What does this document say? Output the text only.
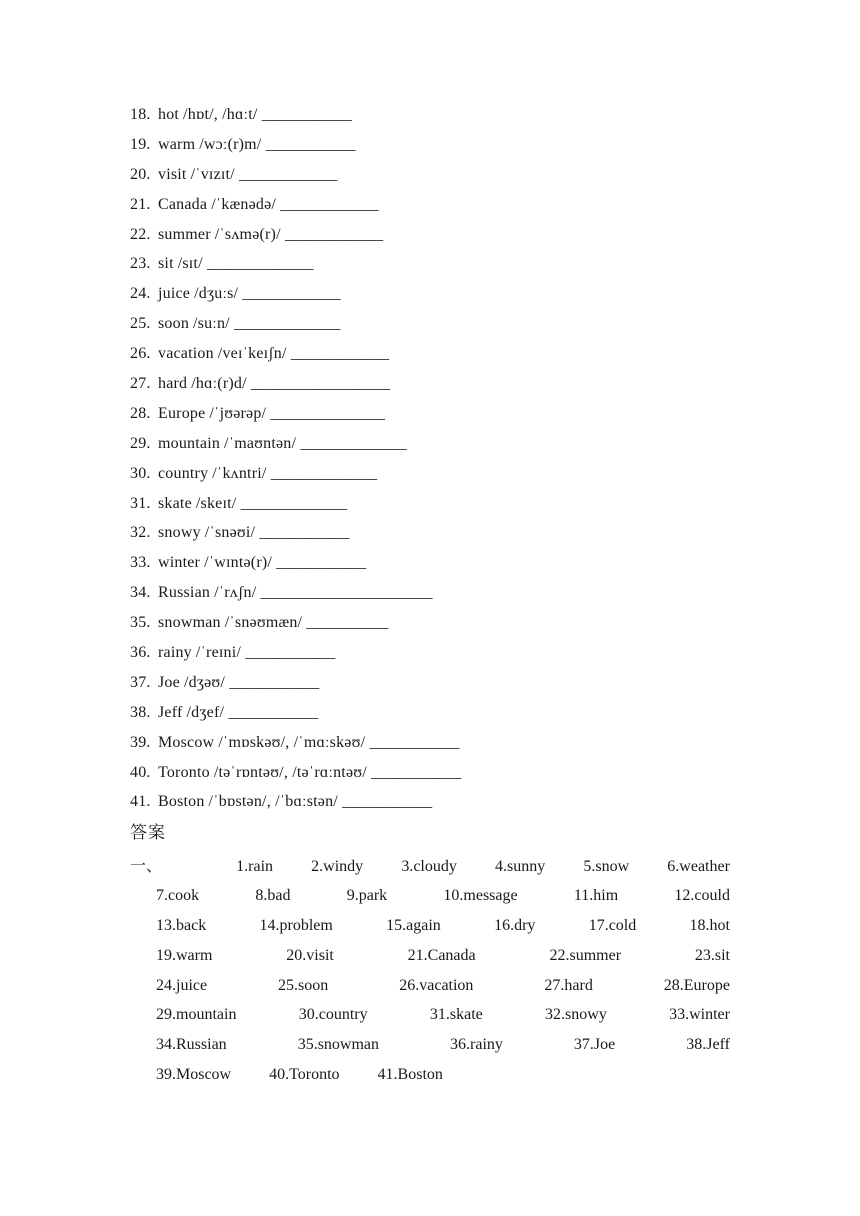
18. hot /hɒt/, /hɑːt/ ___________
19. warm /wɔː(r)m/ ___________
20. visit /ˈvɪzɪt/ ____________
21. Canada /ˈkænədə/ ____________
22. summer /ˈsʌmə(r)/ ____________
23. sit /sɪt/ _____________
24. juice /dʒuːs/ ____________
25. soon /suːn/ _____________
26. vacation /veɪˈkeɪʃn/ ____________
27. hard /hɑː(r)d/ _________________
28. Europe /ˈjʊərəp/ ______________
29. mountain /ˈmaʊntən/ _____________
30. country /ˈkʌntri/ _____________
31. skate /skeɪt/ _____________
32. snowy /ˈsnəʊi/ ___________
33. winter /ˈwɪntə(r)/ ___________
34. Russian /ˈrʌʃn/ _____________________
35. snowman /ˈsnəʊmæn/ __________
36. rainy /ˈreɪni/ ___________
37. Joe /dʒəʊ/ ___________
38. Jeff /dʒef/ ___________
39. Moscow /ˈmɒskəʊ/, /ˈmɑːskəʊ/ ___________
40. Toronto /təˈrɒntəʊ/, /təˈrɑːntəʊ/ ___________
41. Boston /ˈbɒstən/, /ˈbɑːstən/ ___________
答案
一、	1.rain 2.windy 3.cloudy 4.sunny 5.snow 6.weather
7.cook	8.bad	9.park	10.message	11.him	12.could
13.back	14.problem	15.again	16.dry	17.cold	18.hot
19.warm	20.visit	21.Canada	22.summer	23.sit
24.juice	25.soon	26.vacation	27.hard	28.Europe
29.mountain	30.country	31.skate	32.snowy	33.winter
34.Russian	35.snowman	36.rainy	37.Joe	38.Jeff
39.Moscow 40.Toronto 41.Boston
